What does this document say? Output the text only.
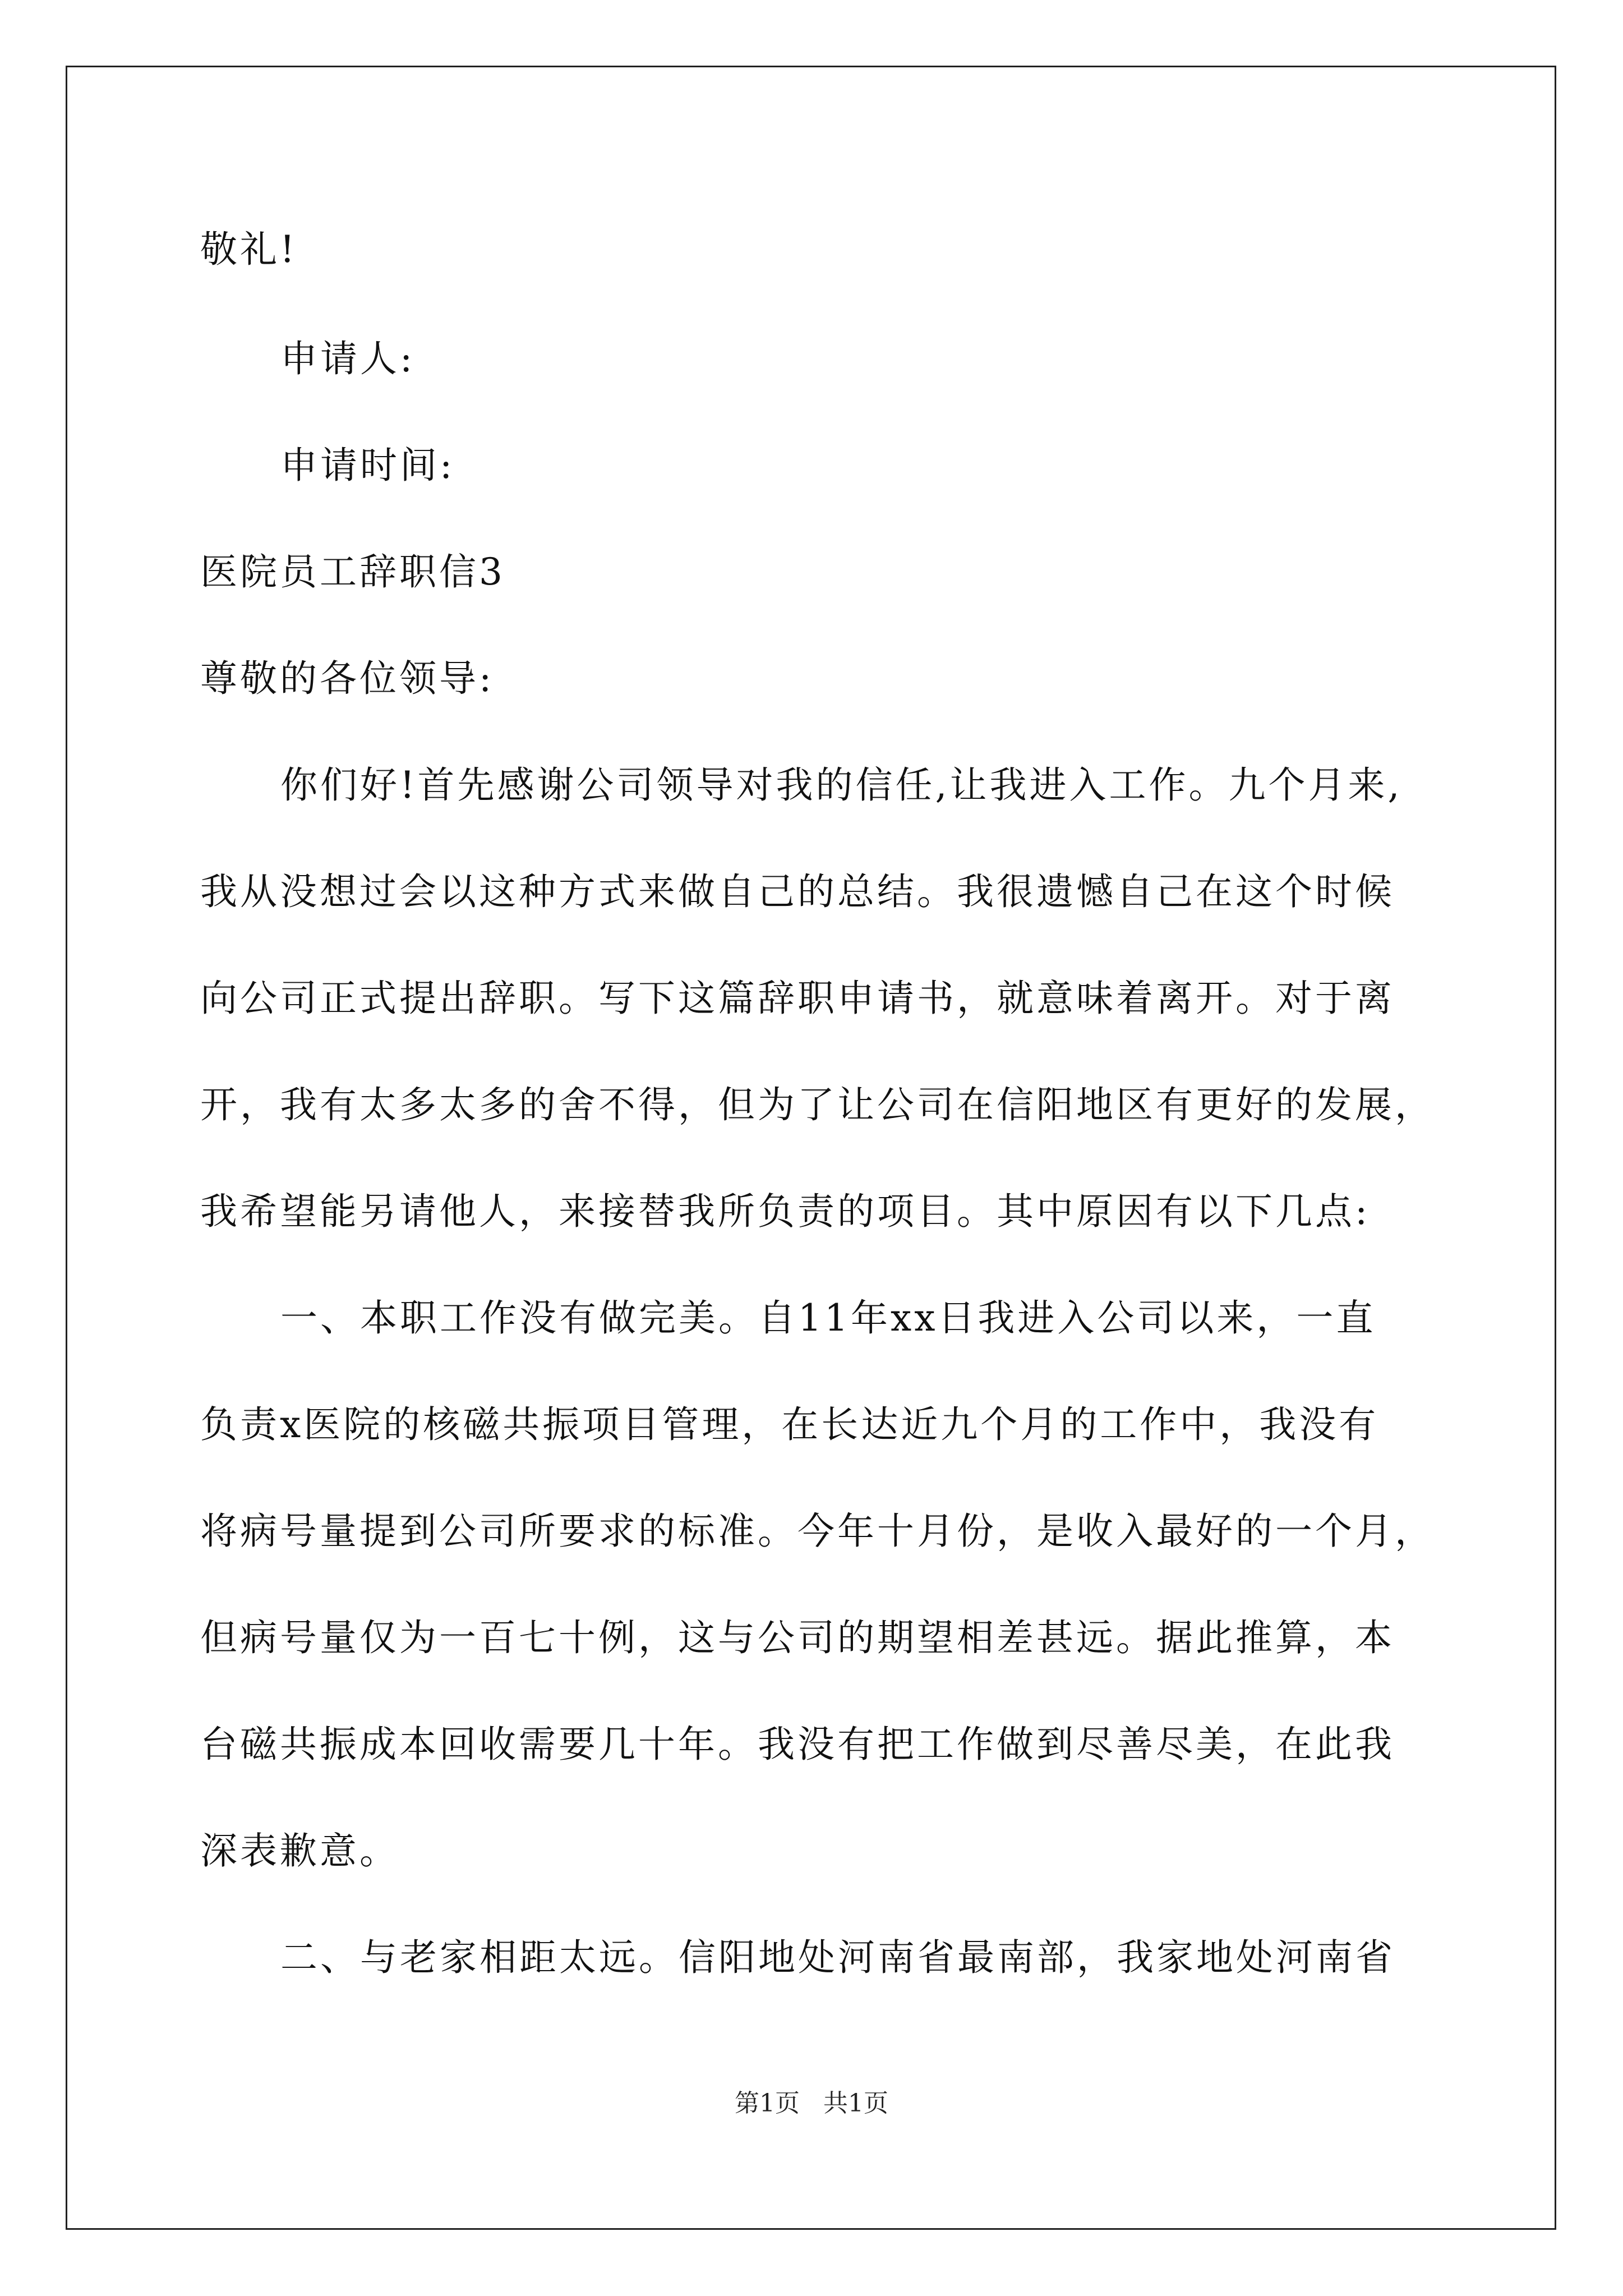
敬礼!
申请人:
申请时间:
医院员工辞职信3
尊敬的各位领导:
你们好!首先感谢公司领导对我的信任,让我进入工作。九个月来,
我从没想过会以这种方式来做自己的总结。我很遗憾自己在这个时候
向公司正式提出辞职。写下这篇辞职申请书，就意味着离开。对于离
开，我有太多太多的舍不得，但为了让公司在信阳地区有更好的发展，
我希望能另请他人，来接替我所负责的项目。其中原因有以下几点:
一、本职工作没有做完美。自11年xx日我进入公司以来，一直
负责x医院的核磁共振项目管理，在长达近九个月的工作中，我没有
将病号量提到公司所要求的标准。今年十月份，是收入最好的一个月，
但病号量仅为一百七十例，这与公司的期望相差甚远。据此推算，本
台磁共振成本回收需要几十年。我没有把工作做到尽善尽美，在此我
深表歉意。
二、与老家相距太远。信阳地处河南省最南部，我家地处河南省
第1页   共1页
